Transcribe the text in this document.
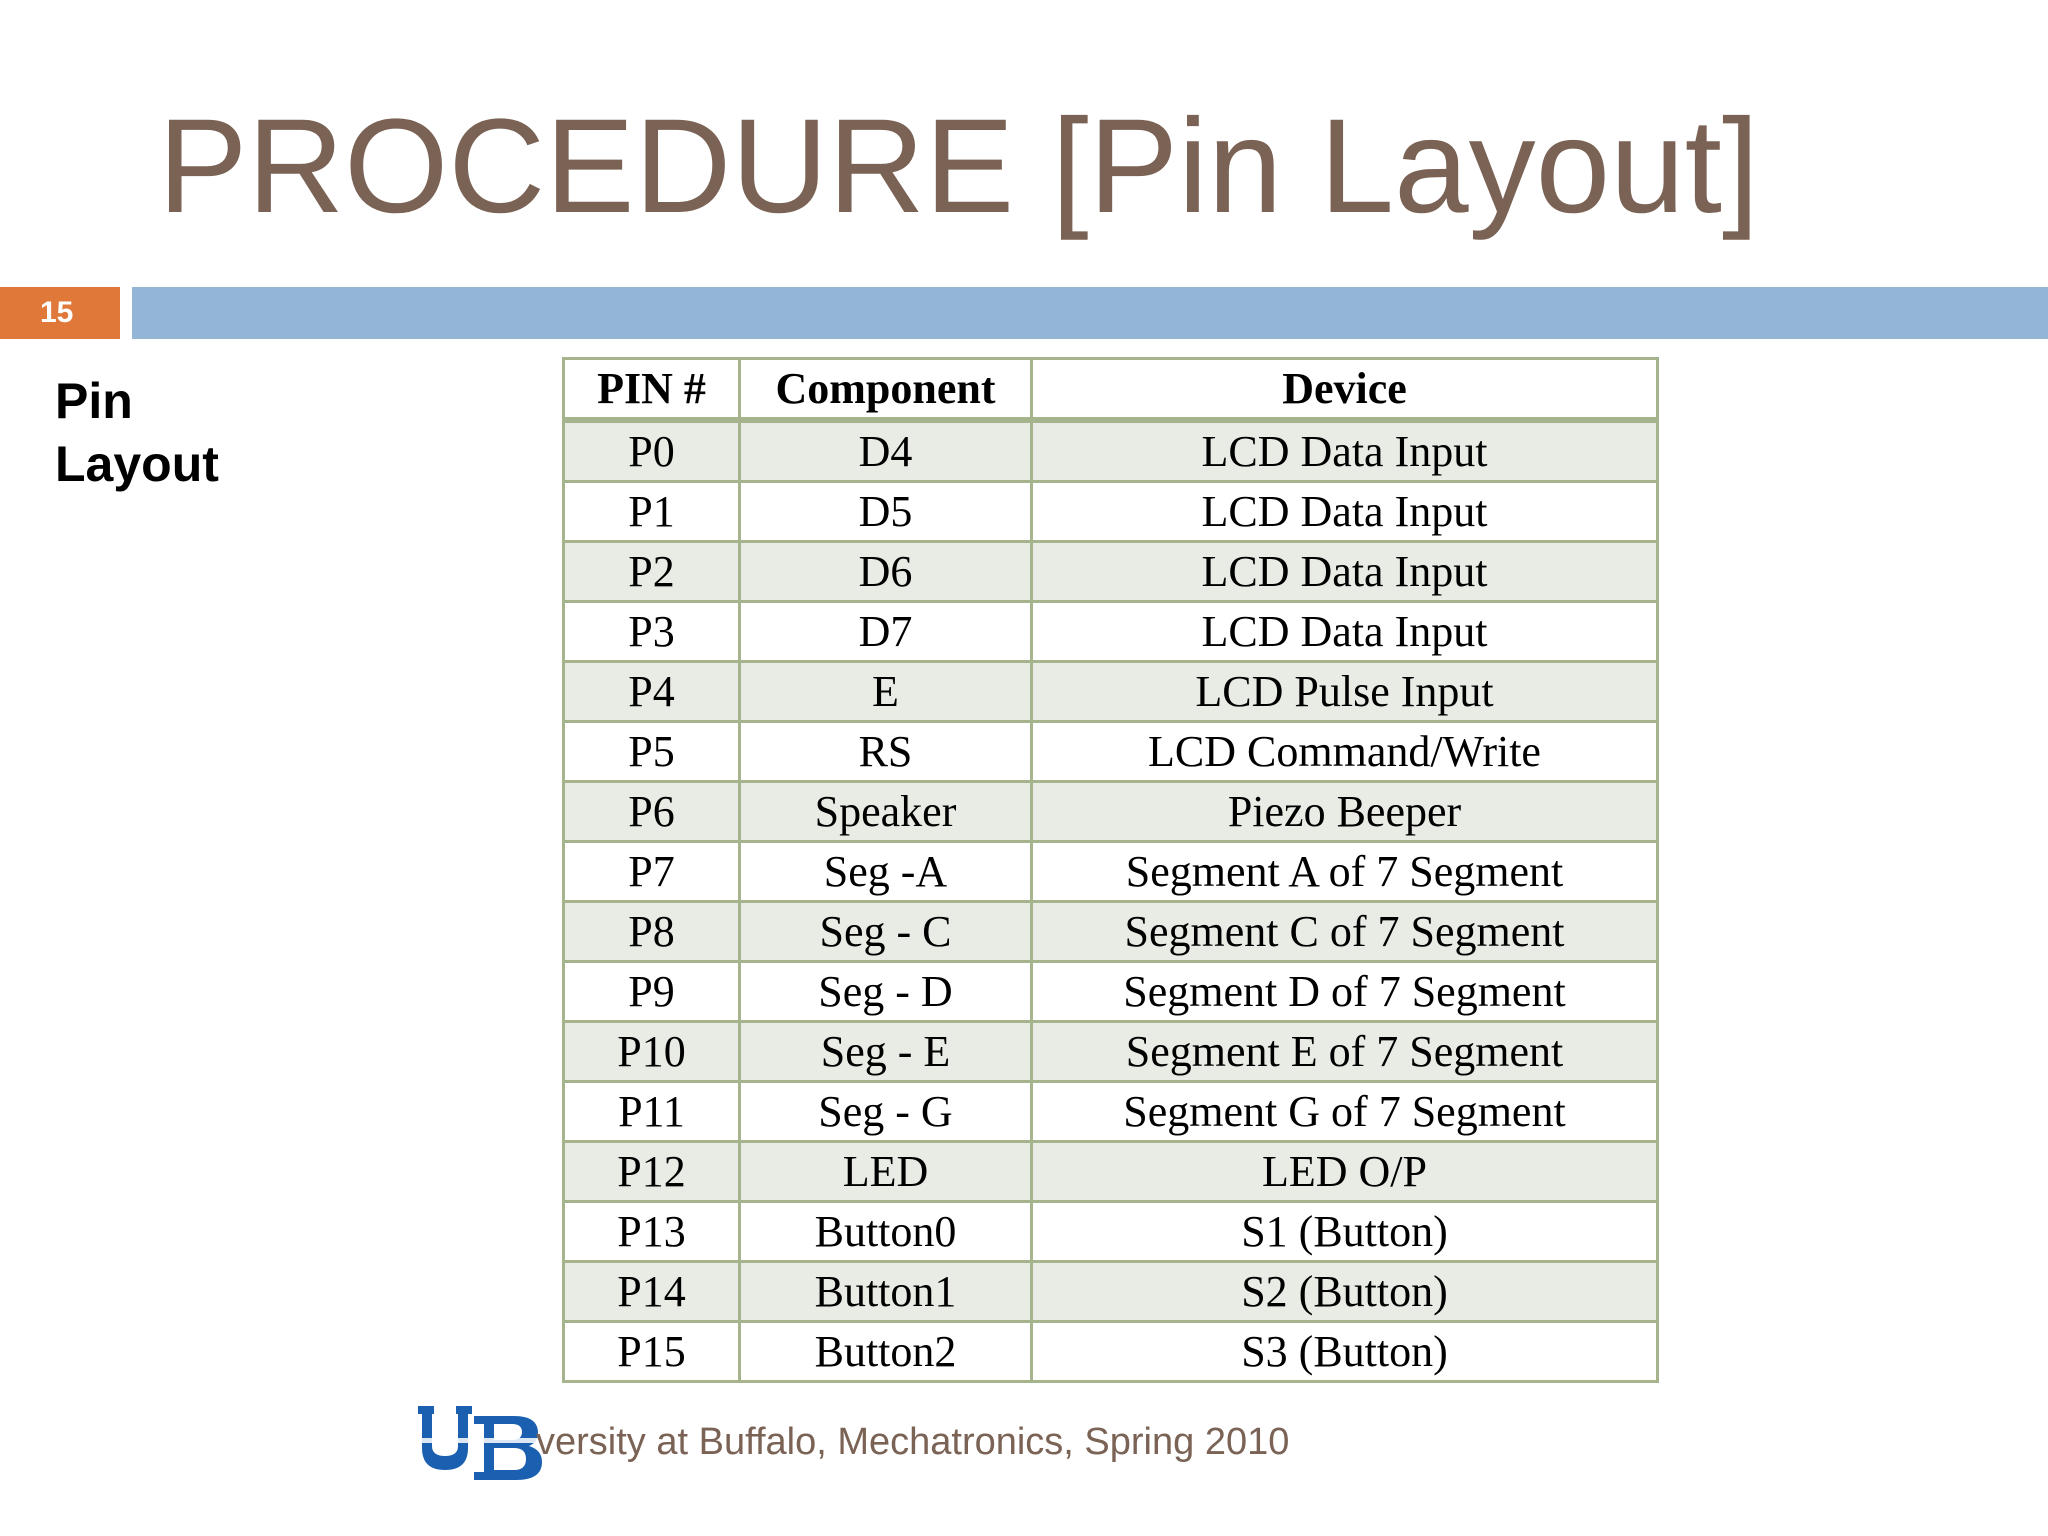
PROCEDURE [Pin Layout]
15
Pin
Layout
PIN #	Component	Device
P0	D4	LCD Data Input
P1	D5	LCD Data Input
P2	D6	LCD Data Input
P3	D7	LCD Data Input
P4	E	LCD Pulse Input
P5	RS	LCD Command/Write
P6	Speaker	Piezo Beeper
P7	Seg -A	Segment A of 7 Segment
P8	Seg - C	Segment C of 7 Segment
P9	Seg - D	Segment D of 7 Segment
P10	Seg - E	Segment E of 7 Segment
P11	Seg - G	Segment G of 7 Segment
P12	LED	LED O/P
P13	Button0	S1 (Button)
P14	Button1	S2 (Button)
P15	Button2	S3 (Button)
versity at Buffalo, Mechatronics, Spring 2010
